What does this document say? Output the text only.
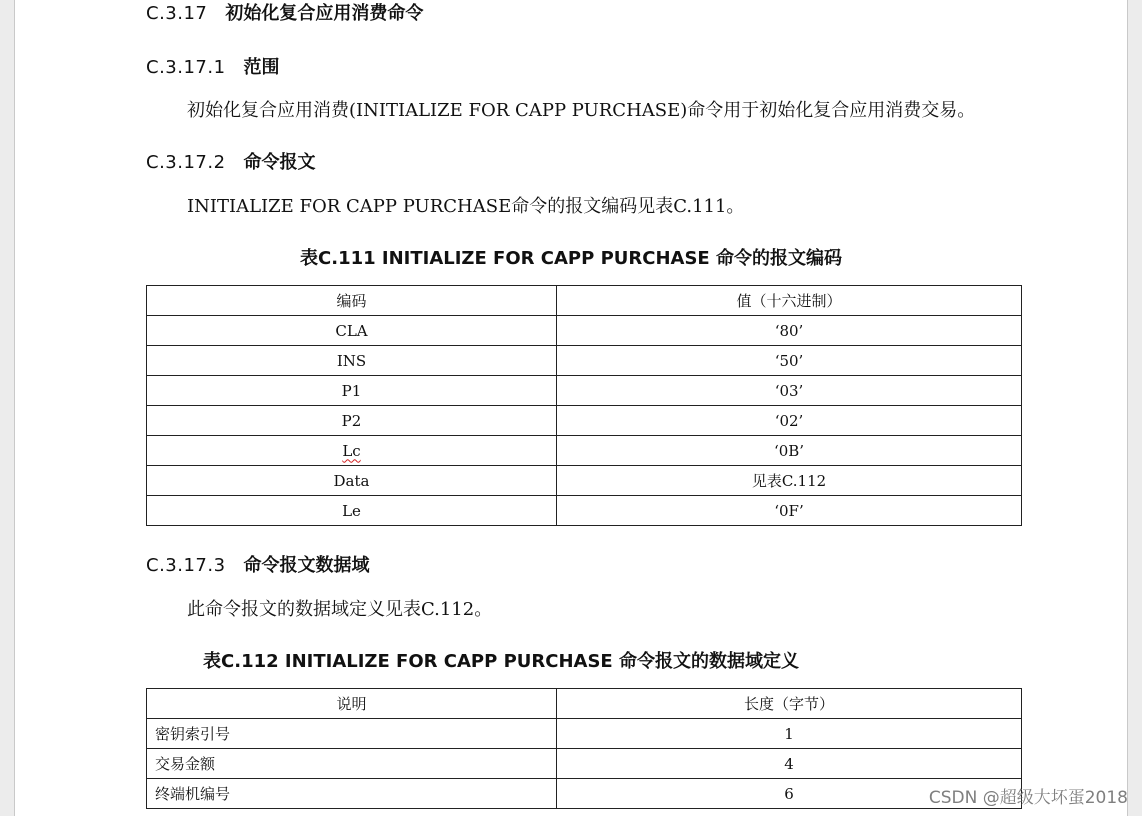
C.3.17 初始化复合应用消费命令
C.3.17.1 范围
初始化复合应用消费(INITIALIZE FOR CAPP PURCHASE)命令用于初始化复合应用消费交易。
C.3.17.2 命令报文
INITIALIZE FOR CAPP PURCHASE命令的报文编码见表C.111。
表C.111 INITIALIZE FOR CAPP PURCHASE 命令的报文编码
编码	值（十六进制）
CLA	‘80’
INS	‘50’
P1	‘03’
P2	‘02’
Lc	‘0B’
Data	见表C.112
Le	‘0F’
C.3.17.3 命令报文数据域
此命令报文的数据域定义见表C.112。
表C.112 INITIALIZE FOR CAPP PURCHASE 命令报文的数据域定义
说明	长度（字节）
密钥索引号	1
交易金额	4
终端机编号	6	CSDN @超级大坏蛋2018
